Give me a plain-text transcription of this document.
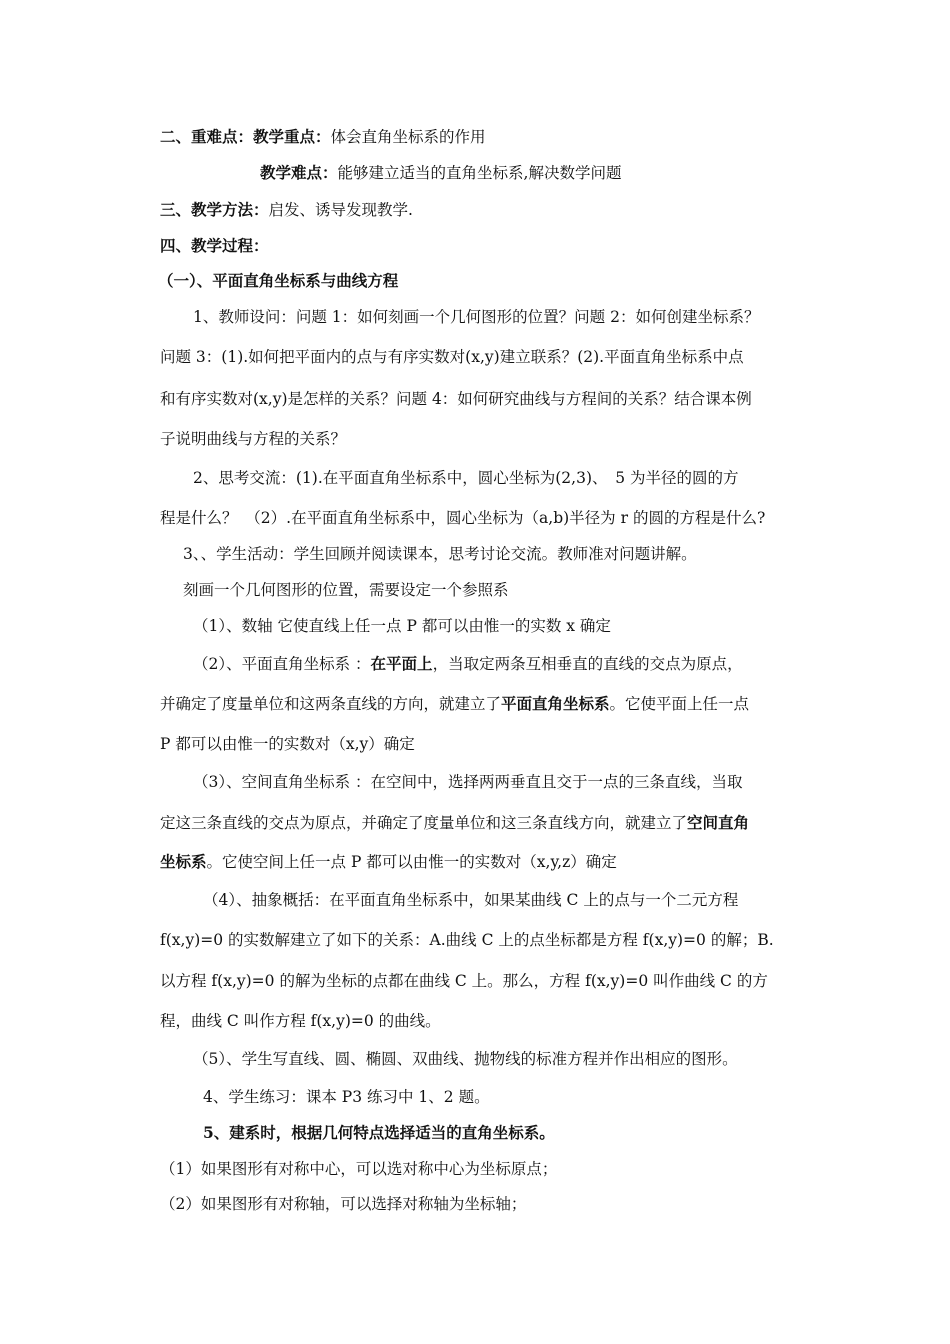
二、重难点：教学重点：体会直角坐标系的作用

教学难点：能够建立适当的直角坐标系,解决数学问题

三、教学方法：启发、诱导发现教学.

四、教学过程：

（一）、平面直角坐标系与曲线方程

1、教师设问：问题 1：如何刻画一个几何图形的位置？问题 2：如何创建坐标系？

问题 3：(1).如何把平面内的点与有序实数对(x,y)建立联系？(2).平面直角坐标系中点

和有序实数对(x,y)是怎样的关系？问题 4：如何研究曲线与方程间的关系？结合课本例

子说明曲线与方程的关系？

2、思考交流：(1).在平面直角坐标系中，圆心坐标为(2,3)、　5 为半径的圆的方

程是什么？　（2）.在平面直角坐标系中，圆心坐标为（a,b)半径为 r 的圆的方程是什么?

3、、学生活动：学生回顾并阅读课本，思考讨论交流。教师准对问题讲解。

刻画一个几何图形的位置，需要设定一个参照系

（1）、数轴 它使直线上任一点 P 都可以由惟一的实数 x 确定

（2）、平面直角坐标系 ：在平面上，当取定两条互相垂直的直线的交点为原点，

并确定了度量单位和这两条直线的方向，就建立了平面直角坐标系。它使平面上任一点

P 都可以由惟一的实数对（x,y）确定

（3）、空间直角坐标系 ：在空间中，选择两两垂直且交于一点的三条直线，当取

定这三条直线的交点为原点，并确定了度量单位和这三条直线方向，就建立了空间直角

坐标系。它使空间上任一点 P 都可以由惟一的实数对（x,y,z）确定

（4）、抽象概括：在平面直角坐标系中，如果某曲线 C 上的点与一个二元方程

f(x,y)=0 的实数解建立了如下的关系：A.曲线 C 上的点坐标都是方程 f(x,y)=0 的解；B.

以方程 f(x,y)=0 的解为坐标的点都在曲线 C 上。那么，方程 f(x,y)=0 叫作曲线 C 的方

程，曲线 C 叫作方程 f(x,y)=0 的曲线。

（5）、学生写直线、圆、椭圆、双曲线、抛物线的标准方程并作出相应的图形。

4、学生练习：课本 P3 练习中 1、2 题。

5、建系时，根据几何特点选择适当的直角坐标系。

（1）如果图形有对称中心，可以选对称中心为坐标原点；

（2）如果图形有对称轴，可以选择对称轴为坐标轴；
